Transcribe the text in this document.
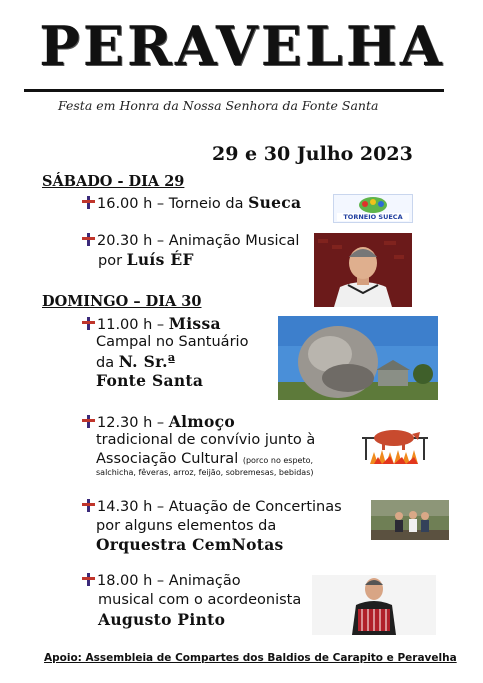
PERAVELHA
Festa em Honra da Nossa Senhora da Fonte Santa
29 e 30 Julho 2023
SÁBADO - DIA 29
16.00 h – Torneio da Sueca
TORNEIO SUECA
20.30 h – Animação Musical
por Luís ÉF
DOMINGO – DIA 30
11.00 h – Missa
Campal no Santuário
da N. Sr.ª
Fonte Santa
12.30 h – Almoço
tradicional de convívio junto à
Associação Cultural (porco no espeto,
salchicha, fêveras, arroz, feijão, sobremesas, bebidas)
14.30 h – Atuação de Concertinas
por alguns elementos da
Orquestra CemNotas
18.00 h – Animação
musical com o acordeonista
Augusto Pinto
Apoio: Assembleia de Compartes dos Baldios de Carapito e Peravelha
